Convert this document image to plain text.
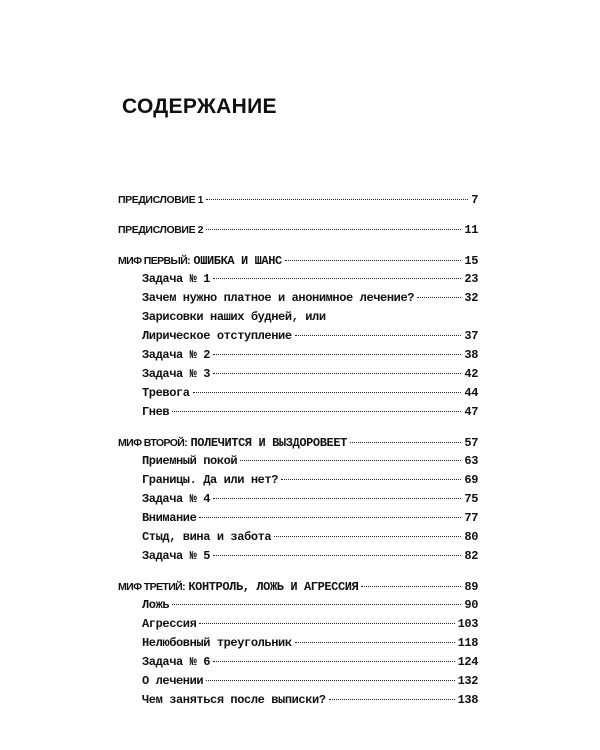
СОДЕРЖАНИЕ
ПРЕДИСЛОВИЕ 1	7
ПРЕДИСЛОВИЕ 2	11
МИФ ПЕРВЫЙ: ОШИБКА И ШАНС	15
Задача № 1	23
Зачем нужно платное и анонимное лечение?	32
Зарисовки наших будней, или
Лирическое отступление	37
Задача № 2	38
Задача № 3	42
Тревога	44
Гнев	47
МИФ ВТОРОЙ: ПОЛЕЧИТСЯ И ВЫЗДОРОВЕЕТ	57
Приемный покой	63
Границы. Да или нет?	69
Задача № 4	75
Внимание	77
Стыд, вина и забота	80
Задача № 5	82
МИФ ТРЕТИЙ: КОНТРОЛЬ, ЛОЖЬ И АГРЕССИЯ	89
Ложь	90
Агрессия	103
Нелюбовный треугольник	118
Задача № 6	124
О лечении	132
Чем заняться после выписки?	138
